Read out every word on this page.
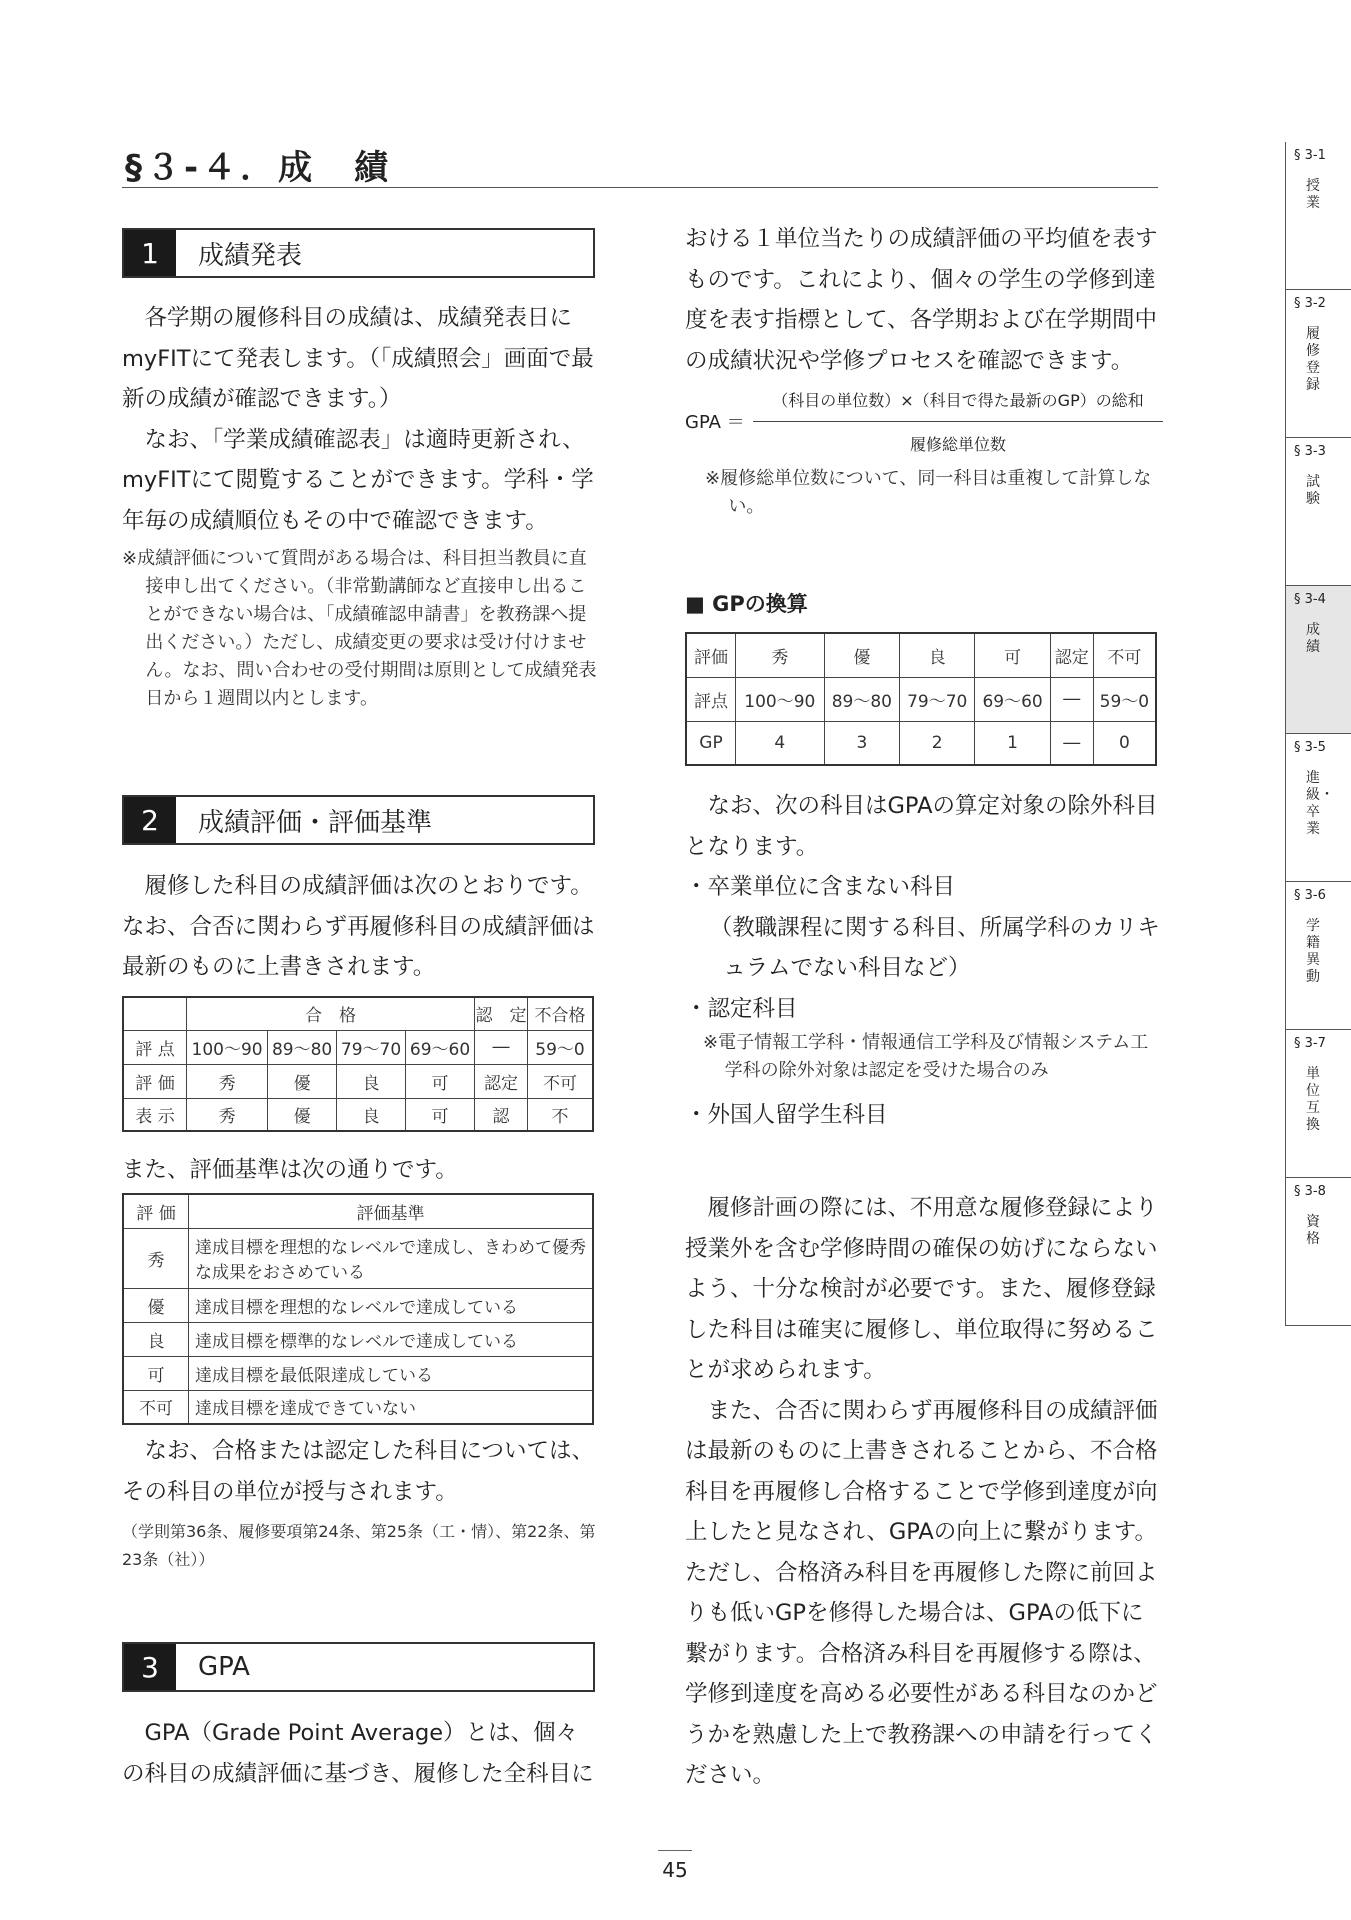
§３-４．成　績
1	成績発表

各学期の履修科目の成績は、成績発表日にmyFITにて発表します。（「成績照会」画面で最新の成績が確認できます。）

なお、「学業成績確認表」は適時更新され、myFITにて閲覧することができます。学科・学年毎の成績順位もその中で確認できます。

※成績評価について質問がある場合は、科目担当教員に直接申し出てください。（非常勤講師など直接申し出ることができない場合は、「成績確認申請書」を教務課へ提出ください。）ただし、成績変更の要求は受け付けません。なお、問い合わせの受付期間は原則として成績発表日から１週間以内とします。

2	成績評価・評価基準

履修した科目の成績評価は次のとおりです。なお、合否に関わらず再履修科目の成績評価は最新のものに上書きされます。

	合　格				認　定	不合格
評 点	100～90	89～80	79～70	69～60	―	59～0
評 価	秀	優	良	可	認定	不可
表 示	秀	優	良	可	認	不

また、評価基準は次の通りです。

評 価	評価基準
秀	達成目標を理想的なレベルで達成し、きわめて優秀な成果をおさめている
優	達成目標を理想的なレベルで達成している
良	達成目標を標準的なレベルで達成している
可	達成目標を最低限達成している
不可	達成目標を達成できていない

なお、合格または認定した科目については、その科目の単位が授与されます。

（学則第36条、履修要項第24条、第25条（工・情）、第22条、第23条（社））

3	GPA

GPA（Grade Point Average）とは、個々の科目の成績評価に基づき、履修した全科目に

おける１単位当たりの成績評価の平均値を表すものです。これにより、個々の学生の学修到達度を表す指標として、各学期および在学期間中の成績状況や学修プロセスを確認できます。

GPA ＝
（科目の単位数）×（科目で得た最新のGP）の総和
履修総単位数

※履修総単位数について、同一科目は重複して計算しない。

■ GPの換算
評価	秀	優	良	可	認定	不可
評点	100～90	89～80	79～70	69～60	―	59～0
GP	4	3	2	1	―	0

なお、次の科目はGPAの算定対象の除外科目となります。

・卒業単位に含まない科目

（教職課程に関する科目、所属学科のカリキュラムでない科目など）

・認定科目

※電子情報工学科・情報通信工学科及び情報システム工学科の除外対象は認定を受けた場合のみ

・外国人留学生科目

履修計画の際には、不用意な履修登録により授業外を含む学修時間の確保の妨げにならないよう、十分な検討が必要です。また、履修登録した科目は確実に履修し、単位取得に努めることが求められます。

また、合否に関わらず再履修科目の成績評価は最新のものに上書きされることから、不合格科目を再履修し合格することで学修到達度が向上したと見なされ、GPAの向上に繋がります。ただし、合格済み科目を再履修した際に前回よりも低いGPを修得した場合は、GPAの低下に繋がります。合格済み科目を再履修する際は、学修到達度を高める必要性がある科目なのかどうかを熟慮した上で教務課への申請を行ってください。

§ 3-1
授業
§ 3-2
履修登録
§ 3-3
試験
§ 3-4
成績
§ 3-5
進級・卒業
§ 3-6
学籍異動
§ 3-7
単位互換
§ 3-8
資格
45
